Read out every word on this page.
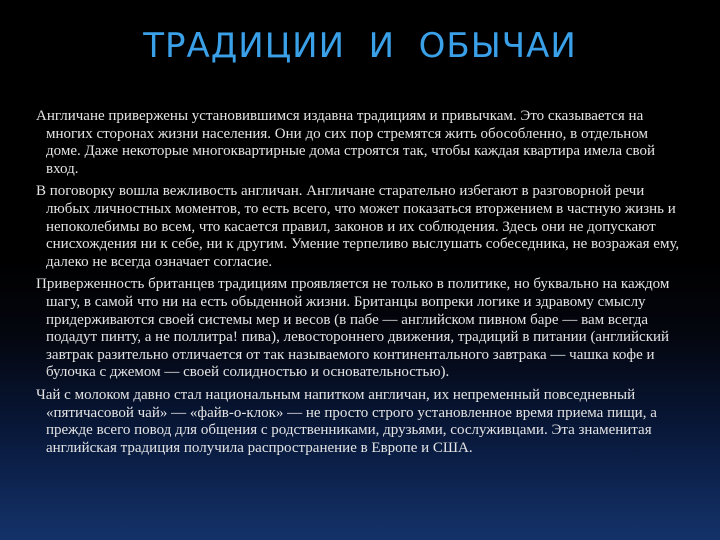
ТРАДИЦИИ  И  ОБЫЧАИ

Англичане привержены установившимся издавна традициям и привычкам. Это сказывается на многих сторонах жизни населения. Они до сих пор стремятся жить обособленно, в отдельном доме. Даже некоторые многоквартирные дома строятся так, чтобы каждая квартира имела свой вход.

В поговорку вошла вежливость англичан. Англичане старательно избегают в разговорной речи любых личностных моментов, то есть всего, что может показаться вторжением в частную жизнь и непоколебимы во всем, что касается правил, законов и их соблюдения. Здесь они не допускают снисхождения ни к себе, ни к другим. Умение терпеливо выслушать собеседника, не возражая ему, далеко не всегда означает согласие.

Приверженность британцев традициям проявляется не только в политике, но буквально на каждом шагу, в самой что ни на есть обыденной жизни. Британцы вопреки логике и здравому смыслу придерживаются своей системы мер и весов (в пабе — английском пивном баре — вам всегда подадут пинту, а не поллитра! пива), левостороннего движения, традиций в питании (английский завтрак разительно отличается от так называемого континентального завтрака — чашка кофе и булочка с джемом — своей солидностью и основательностью).

Чай с молоком давно стал национальным напитком англичан, их непременный повседневный «пятичасовой чай» — «файв-о-клок» — не просто строго установленное время приема пищи, а прежде всего повод для общения с родственниками, друзьями, сослуживцами. Эта знаменитая английская традиция получила распространение в Европе и США.
